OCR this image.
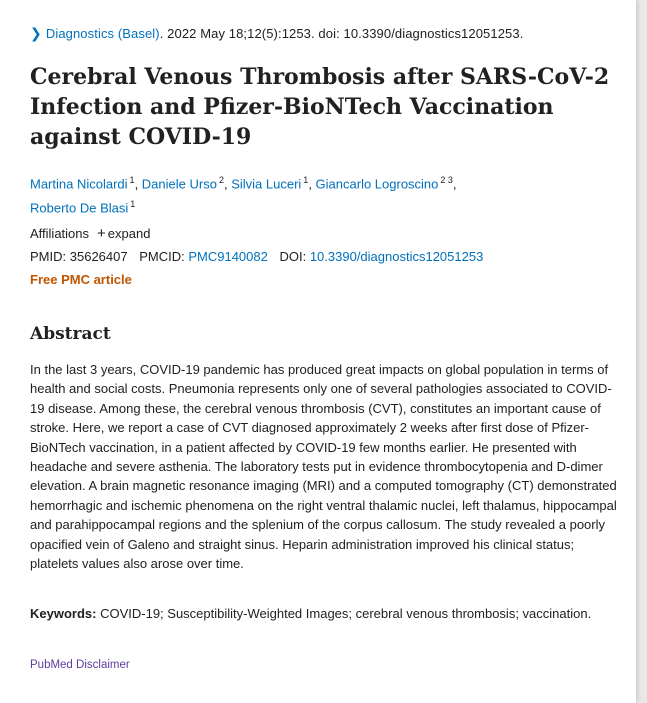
❯ Diagnostics (Basel). 2022 May 18;12(5):1253. doi: 10.3390/diagnostics12051253.
Cerebral Venous Thrombosis after SARS-CoV-2 Infection and Pfizer-BioNTech Vaccination against COVID-19
Martina Nicolardi $^1$, Daniele Urso $^2$, Silvia Luceri $^1$, Giancarlo Logroscino $^{2 3}$,
Roberto De Blasi $^1$
Affiliations + expand
PMID: 35626407 PMCID: PMC9140082 DOI: 10.3390/diagnostics12051253
Free PMC article
Abstract
In the last 3 years, COVID-19 pandemic has produced great impacts on global population in terms of health and social costs. Pneumonia represents only one of several pathologies associated to COVID-19 disease. Among these, the cerebral venous thrombosis (CVT), constitutes an important cause of stroke. Here, we report a case of CVT diagnosed approximately 2 weeks after first dose of Pfizer-BioNTech vaccination, in a patient affected by COVID-19 few months earlier. He presented with headache and severe asthenia. The laboratory tests put in evidence thrombocytopenia and D-dimer elevation. A brain magnetic resonance imaging (MRI) and a computed tomography (CT) demonstrated hemorrhagic and ischemic phenomena on the right ventral thalamic nuclei, left thalamus, hippocampal and parahippocampal regions and the splenium of the corpus callosum. The study revealed a poorly opacified vein of Galeno and straight sinus. Heparin administration improved his clinical status; platelets values also arose over time.
Keywords: COVID-19; Susceptibility-Weighted Images; cerebral venous thrombosis; vaccination.
PubMed Disclaimer
